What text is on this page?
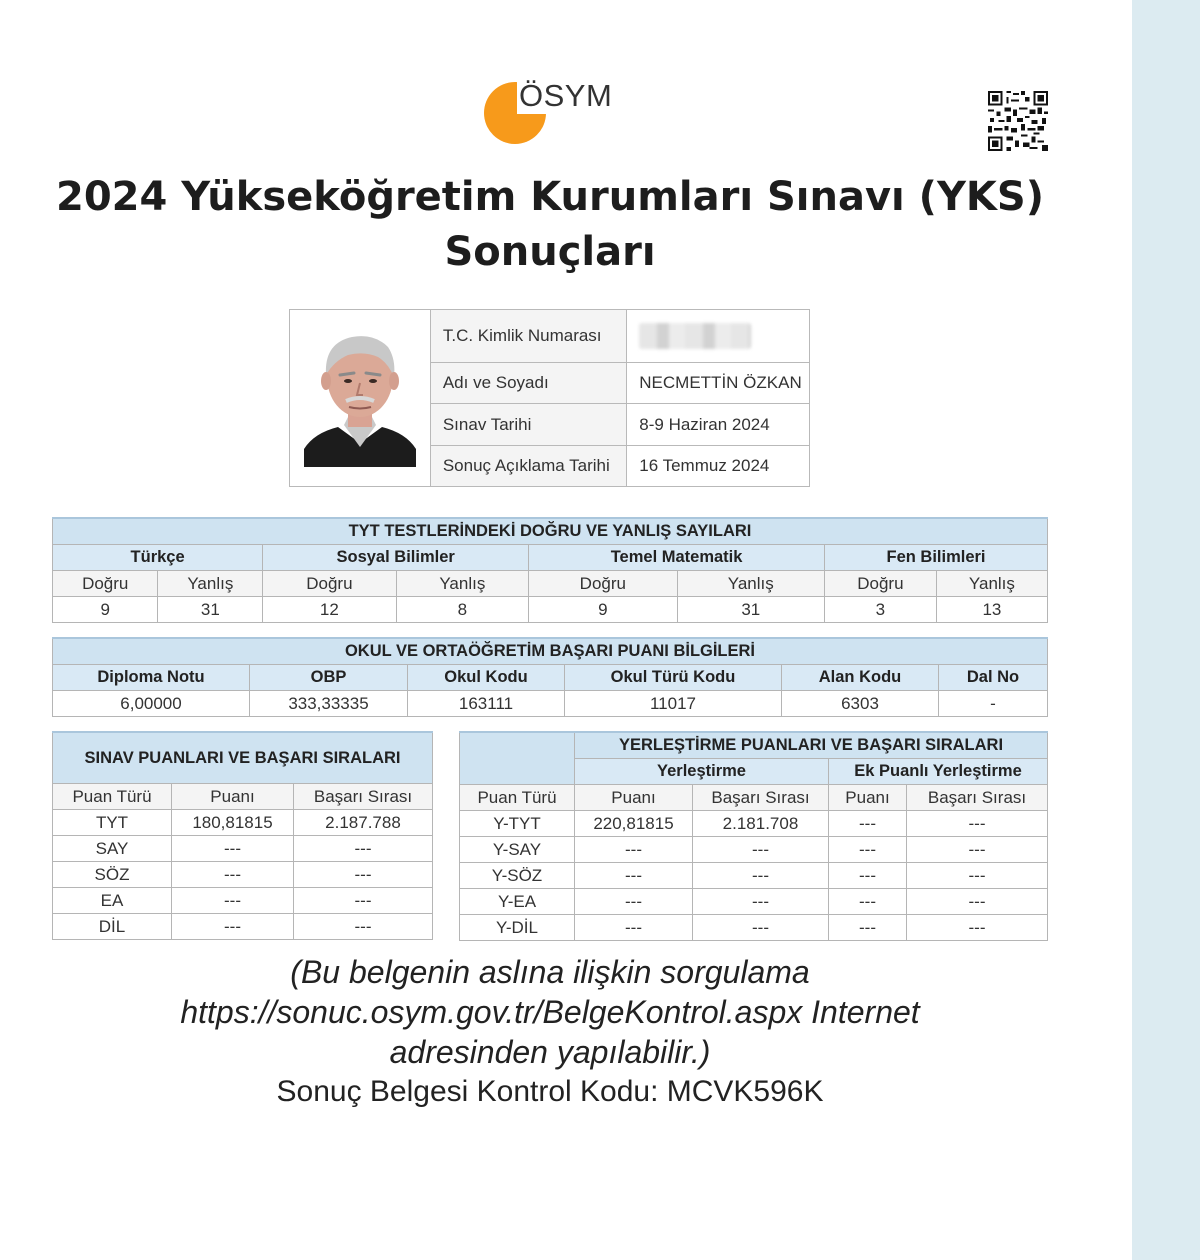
ÖSYM
2024 Yükseköğretim Kurumları Sınavı (YKS)
Sonuçları
	T.C. Kimlik Numarası	
	Adı ve Soyadı	NECMETTİN ÖZKAN
	Sınav Tarihi	8-9 Haziran 2024
	Sonuç Açıklama Tarihi	16 Temmuz 2024
TYT TESTLERİNDEKİ DOĞRU VE YANLIŞ SAYILARI							
Türkçe		Sosyal Bilimler		Temel Matematik		Fen Bilimleri	
Doğru	Yanlış	Doğru	Yanlış	Doğru	Yanlış	Doğru	Yanlış
9	31	12	8	9	31	3	13
OKUL VE ORTAÖĞRETİM BAŞARI PUANI BİLGİLERİ					
Diploma Notu	OBP	Okul Kodu	Okul Türü Kodu	Alan Kodu	Dal No
6,00000	333,33335	163111	11017	6303	-
SINAV PUANLARI VE BAŞARI SIRALARI		
Puan Türü	Puanı	Başarı Sırası
TYT	180,81815	2.187.788
SAY	---	---
SÖZ	---	---
EA	---	---
DİL	---	---
	YERLEŞTİRME PUANLARI VE BAŞARI SIRALARI			
	Yerleştirme		Ek Puanlı Yerleştirme	
Puan Türü	Puanı	Başarı Sırası	Puanı	Başarı Sırası
Y-TYT	220,81815	2.181.708	---	---
Y-SAY	---	---	---	---
Y-SÖZ	---	---	---	---
Y-EA	---	---	---	---
Y-DİL	---	---	---	---

(Bu belgenin aslına ilişkin sorgulama

https://sonuc.osym.gov.tr/BelgeKontrol.aspx Internet

adresinden yapılabilir.)

Sonuç Belgesi Kontrol Kodu: MCVK596K
